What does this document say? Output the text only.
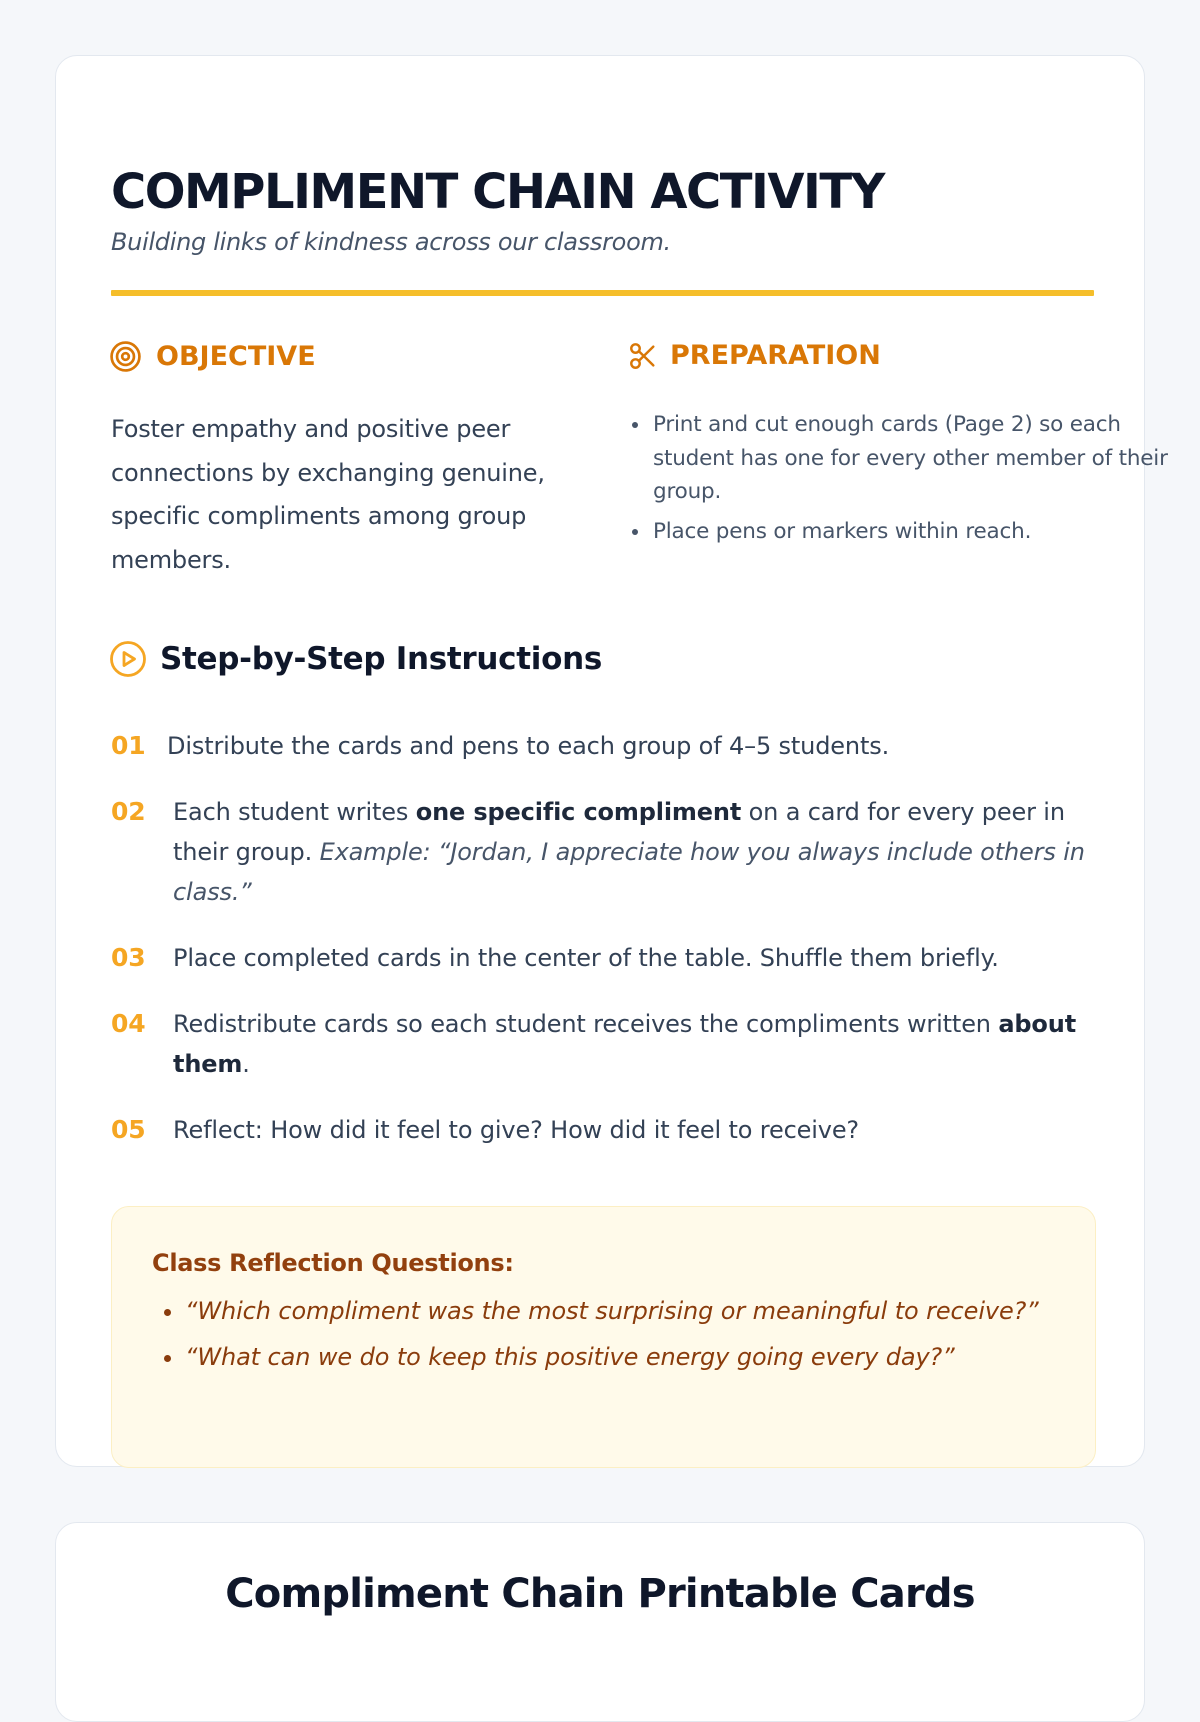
COMPLIMENT CHAIN ACTIVITY

Building links of kindness across our classroom.

OBJECTIVE	PREPARATION

Foster empathy and positive peer connections by exchanging genuine, specific compliments among group members.

• Print and cut enough cards (Page 2) so each student has one for every other member of their group.
• Place pens or markers within reach.
Step-by-Step Instructions
01 Distribute the cards and pens to each group of 4–5 students.
02	Each student writes one specific compliment on a card for every peer in their group. Example: “Jordan, I appreciate how you always include others in class.”
03	Place completed cards in the center of the table. Shuffle them briefly.
04	Redistribute cards so each student receives the compliments written about them.
05	Reflect: How did it feel to give? How did it feel to receive?
Class Reflection Questions:
• “Which compliment was the most surprising or meaningful to receive?”
• “What can we do to keep this positive energy going every day?”
Compliment Chain Printable Cards
